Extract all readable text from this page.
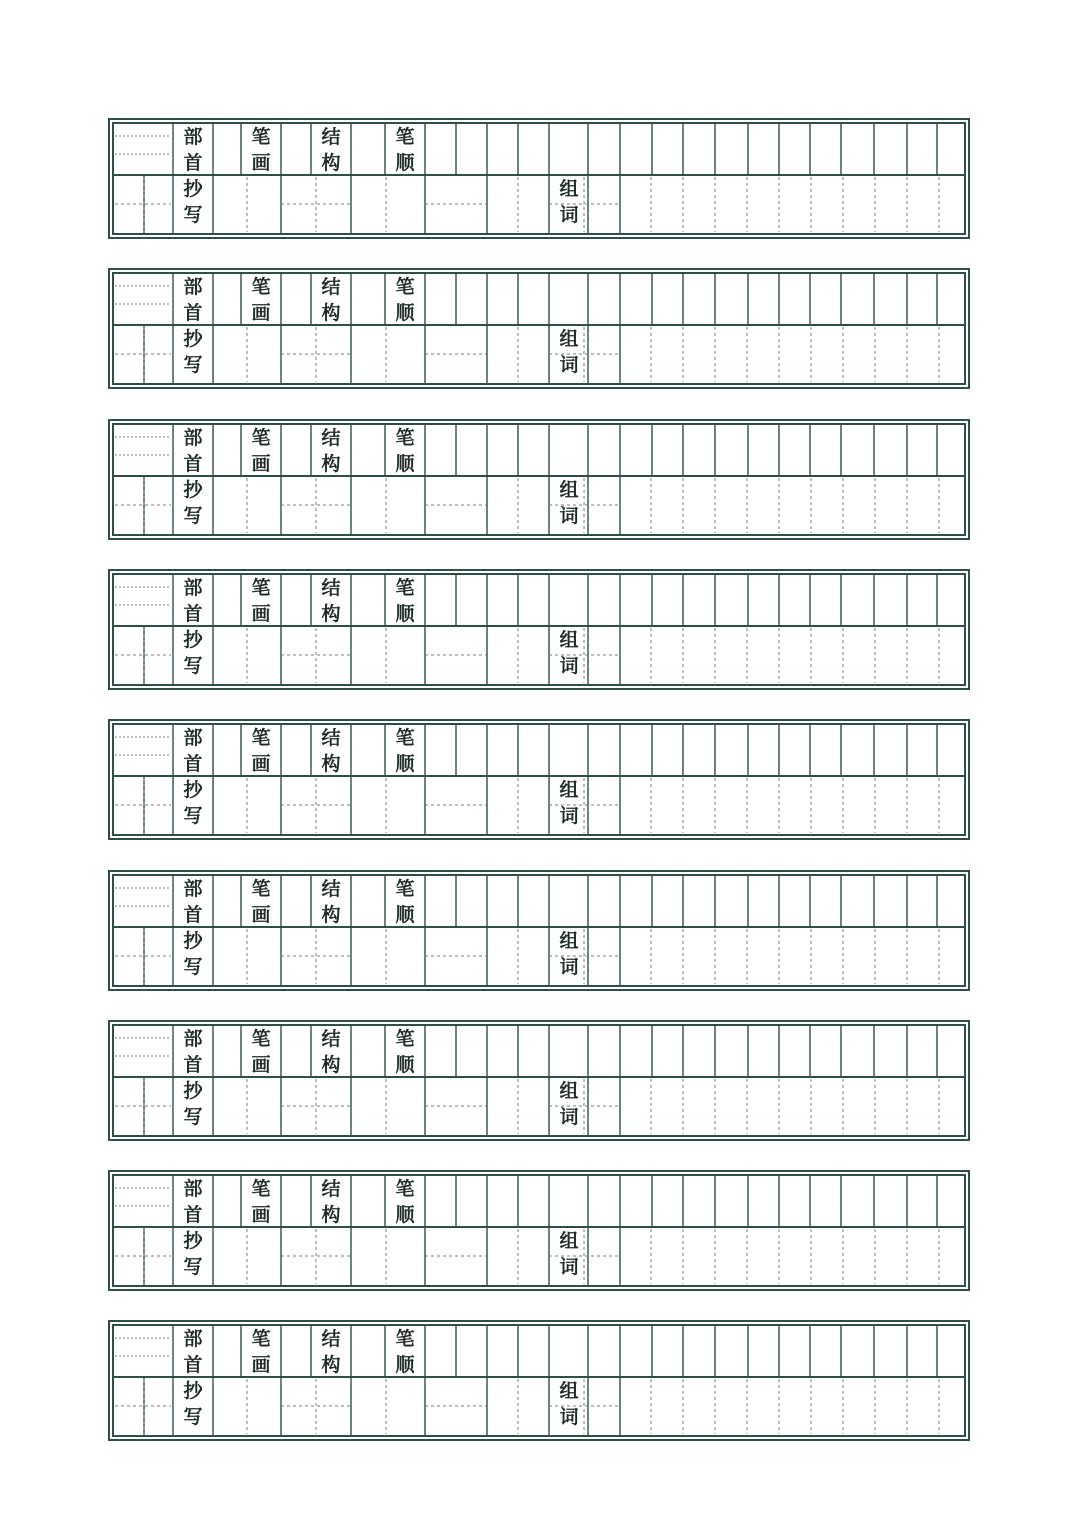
部
首
笔
画
结
构
笔
顺
抄
写
组
词
部
首
笔
画
结
构
笔
顺
抄
写
组
词
部
首
笔
画
结
构
笔
顺
抄
写
组
词
部
首
笔
画
结
构
笔
顺
抄
写
组
词
部
首
笔
画
结
构
笔
顺
抄
写
组
词
部
首
笔
画
结
构
笔
顺
抄
写
组
词
部
首
笔
画
结
构
笔
顺
抄
写
组
词
部
首
笔
画
结
构
笔
顺
抄
写
组
词
部
首
笔
画
结
构
笔
顺
抄
写
组
词
